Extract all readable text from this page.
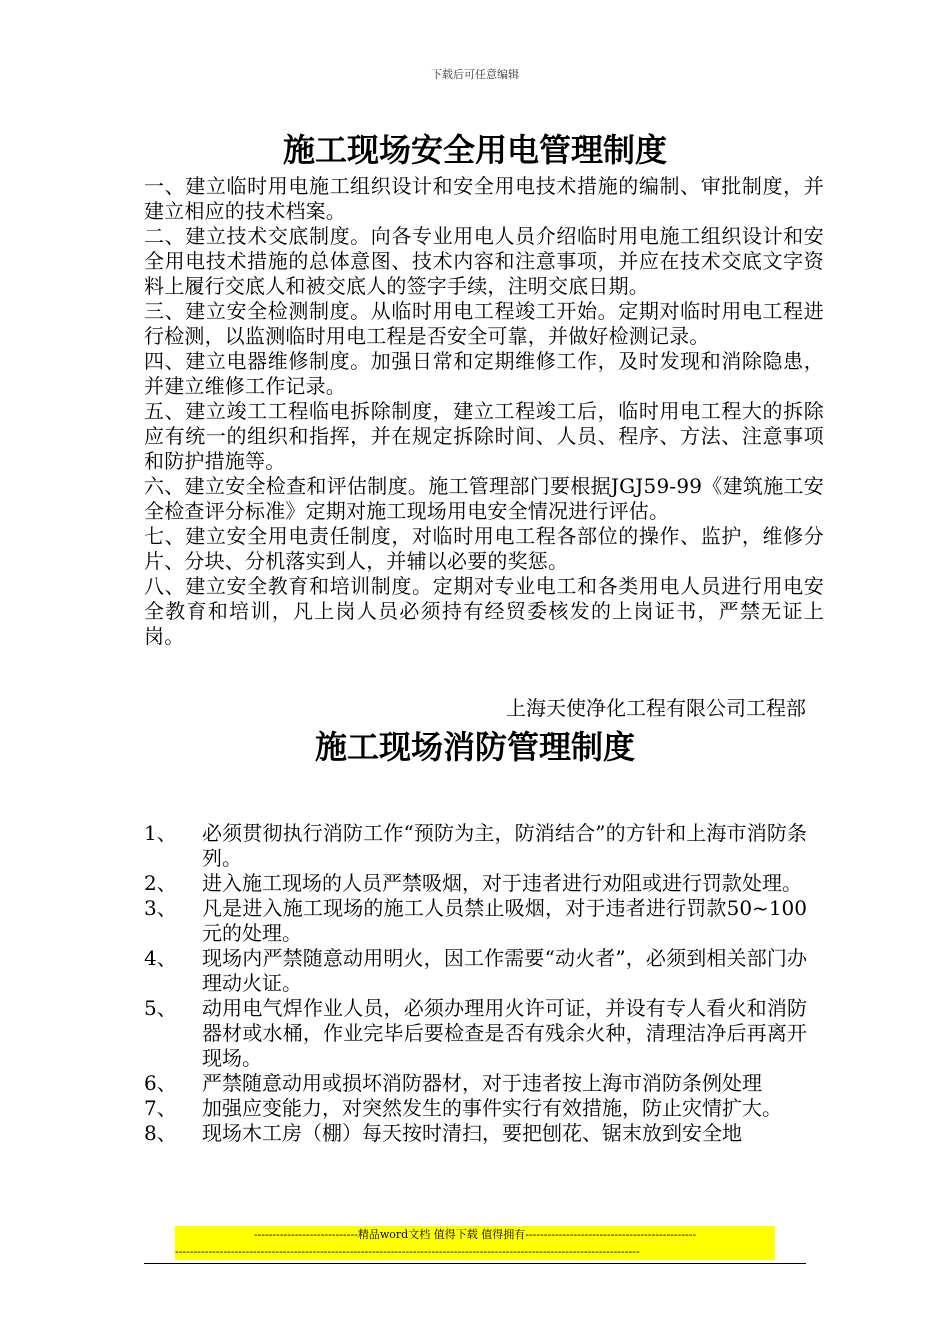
下载后可任意编辑
施工现场安全用电管理制度

一、建立临时用电施工组织设计和安全用电技术措施的编制、审批制度，并建立相应的技术档案。

二、建立技术交底制度。向各专业用电人员介绍临时用电施工组织设计和安全用电技术措施的总体意图、技术内容和注意事项，并应在技术交底文字资料上履行交底人和被交底人的签字手续，注明交底日期。

三、建立安全检测制度。从临时用电工程竣工开始。定期对临时用电工程进行检测，以监测临时用电工程是否安全可靠，并做好检测记录。

四、建立电器维修制度。加强日常和定期维修工作，及时发现和消除隐患，并建立维修工作记录。

五、建立竣工工程临电拆除制度，建立工程竣工后，临时用电工程大的拆除应有统一的组织和指挥，并在规定拆除时间、人员、程序、方法、注意事项和防护措施等。

六、建立安全检查和评估制度。施工管理部门要根据JGJ59-99《建筑施工安全检查评分标准》定期对施工现场用电安全情况进行评估。

七、建立安全用电责任制度，对临时用电工程各部位的操作、监护，维修分片、分块、分机落实到人，并辅以必要的奖惩。

八、建立安全教育和培训制度。定期对专业电工和各类用电人员进行用电安全教育和培训，凡上岗人员必须持有经贸委核发的上岗证书，严禁无证上岗。

上海天使净化工程有限公司工程部
施工现场消防管理制度
1、	必须贯彻执行消防工作“预防为主，防消结合”的方针和上海市消防条列。
2、	进入施工现场的人员严禁吸烟，对于违者进行劝阻或进行罚款处理。
3、	凡是进入施工现场的施工人员禁止吸烟，对于违者进行罚款50~100元的处理。
4、	现场内严禁随意动用明火，因工作需要“动火者”，必须到相关部门办理动火证。
5、	动用电气焊作业人员，必须办理用火许可证，并设有专人看火和消防器材或水桶，作业完毕后要检查是否有残余火种，清理洁净后再离开现场。
6、	严禁随意动用或损坏消防器材，对于违者按上海市消防条例处理
7、	加强应变能力，对突然发生的事件实行有效措施，防止灾情扩大。
8、	现场木工房（棚）每天按时清扫，要把刨花、锯末放到安全地
----------------------------精品word文档 值得下载 值得拥有----------------------------------------------
-----------------------------------------------------------------------------------------------------------------------------
